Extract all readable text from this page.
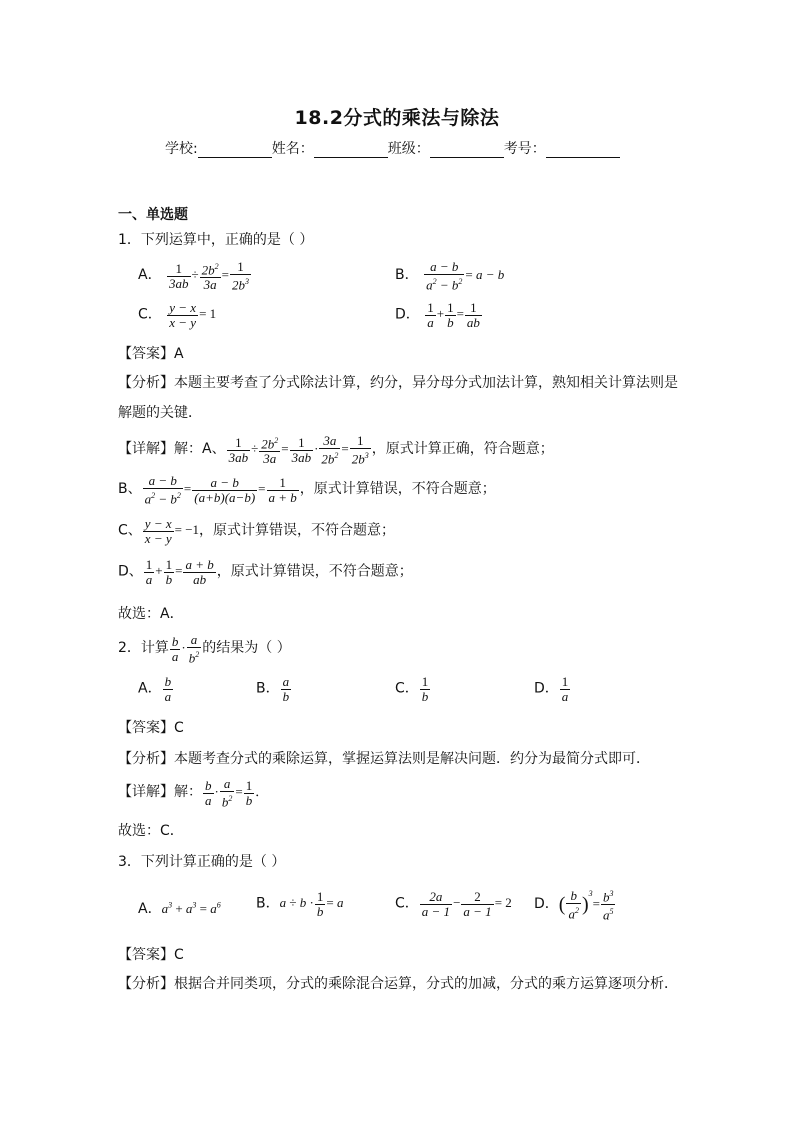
18.2分式的乘法与除法
学校:	姓名：	班级：	考号：
一、单选题
1．下列运算中，正确的是（ ）
A． $\frac{1}{3ab} \div \frac{2b^2}{3a} = \frac{1}{2b^3}$	B． $\frac{a - b}{a^2 - b^2} = a - b$
C． $\frac{y - x}{x - y} = 1$	D． $\frac{1}{a} + \frac{1}{b} = \frac{1}{ab}$
【答案】A
【分析】本题主要考查了分式除法计算，约分，异分母分式加法计算，熟知相关计算法则是解题的关键．
【详解】解：A、 $\frac{1}{3ab} \div \frac{2b^2}{3a} = \frac{1}{3ab} \cdot \frac{3a}{2b^2} = \frac{1}{2b^3}$ ，原式计算正确，符合题意；
B、 $\frac{a - b}{a^2 - b^2} = \frac{a - b}{(a+b)(a-b)} = \frac{1}{a + b}$ ，原式计算错误，不符合题意；
C、 $\frac{y - x}{x - y} = -1$，原式计算错误，不符合题意；
D、 $\frac{1}{a} + \frac{1}{b} = \frac{a + b}{ab}$ ，原式计算错误，不符合题意；
故选：A．
2．计算 $\frac{b}{a} \cdot \frac{a}{b^2}$ 的结果为（ ）
A． $\frac{b}{a}$	B． $\frac{a}{b}$	C． $\frac{1}{b}$	D． $\frac{1}{a}$
【答案】C
【分析】本题考查分式的乘除运算，掌握运算法则是解决问题．约分为最简分式即可．
【详解】解： $\frac{b}{a} \cdot \frac{a}{b^2} = \frac{1}{b}$ ．
故选：C．
3．下列计算正确的是（ ）
A．$a^3 + a^3 = a^6$	B．$a \div b \cdot \frac{1}{b} = a$	C． $\frac{2a}{a - 1} - \frac{2}{a - 1} = 2$ D．( $\frac{b}{a^2} )^3= \frac{b^3}{a^5}$
【答案】C
【分析】根据合并同类项，分式的乘除混合运算，分式的加减，分式的乘方运算逐项分析．
